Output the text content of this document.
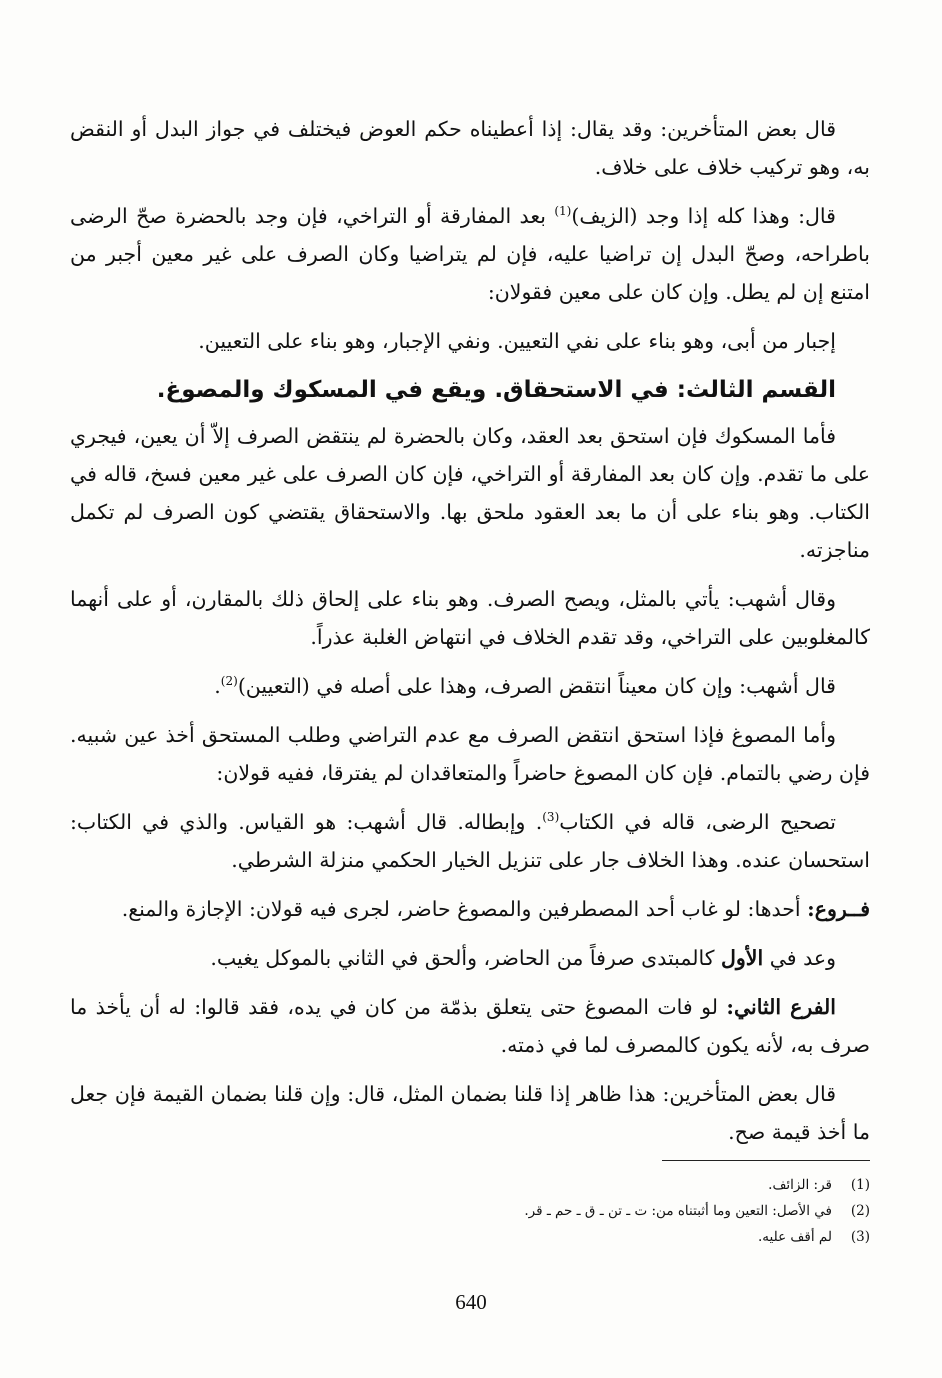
قال بعض المتأخرين: وقد يقال: إذا أعطيناه حكم العوض فيختلف في جواز البدل أو النقض به، وهو تركيب خلاف على خلاف.

قال: وهذا كله إذا وجد (الزيف)$^{(1)}$ بعد المفارقة أو التراخي، فإن وجد بالحضرة صحّ الرضى باطراحه، وصحّ البدل إن تراضيا عليه، فإن لم يتراضيا وكان الصرف على غير معين أجبر من امتنع إن لم يطل. وإن كان على معين فقولان:

إجبار من أبى، وهو بناء على نفي التعيين. ونفي الإجبار، وهو بناء على التعيين.

القسم الثالث: في الاستحقاق. ويقع في المسكوك والمصوغ.

فأما المسكوك فإن استحق بعد العقد، وكان بالحضرة لم ينتقض الصرف إلاّ أن يعين، فيجري على ما تقدم. وإن كان بعد المفارقة أو التراخي، فإن كان الصرف على غير معين فسخ، قاله في الكتاب. وهو بناء على أن ما بعد العقود ملحق بها. والاستحقاق يقتضي كون الصرف لم تكمل مناجزته.

وقال أشهب: يأتي بالمثل، ويصح الصرف. وهو بناء على إلحاق ذلك بالمقارن، أو على أنهما كالمغلوبين على التراخي، وقد تقدم الخلاف في انتهاض الغلبة عذراً.

قال أشهب: وإن كان معيناً انتقض الصرف، وهذا على أصله في (التعيين)$^{(2)}$.

وأما المصوغ فإذا استحق انتقض الصرف مع عدم التراضي وطلب المستحق أخذ عين شبيه. فإن رضي بالتمام. فإن كان المصوغ حاضراً والمتعاقدان لم يفترقا، ففيه قولان:

تصحيح الرضى، قاله في الكتاب$^{(3)}$. وإبطاله. قال أشهب: هو القياس. والذي في الكتاب: استحسان عنده. وهذا الخلاف جار على تنزيل الخيار الحكمي منزلة الشرطي.

فــروع: أحدها: لو غاب أحد المصطرفين والمصوغ حاضر، لجرى فيه قولان: الإجازة والمنع.

وعد في الأول كالمبتدى صرفاً من الحاضر، وألحق في الثاني بالموكل يغيب.

الفرع الثاني: لو فات المصوغ حتى يتعلق بذمّة من كان في يده، فقد قالوا: له أن يأخذ ما صرف به، لأنه يكون كالمصرف لما في ذمته.

قال بعض المتأخرين: هذا ظاهر إذا قلنا بضمان المثل، قال: وإن قلنا بضمان القيمة فإن جعل ما أخذ قيمة صح.

(1)قر: الزائف.
(2)في الأصل: التعين وما أثبتناه من: ت ـ تن ـ ق ـ حم ـ قر.
(3)لم أقف عليه.
640
